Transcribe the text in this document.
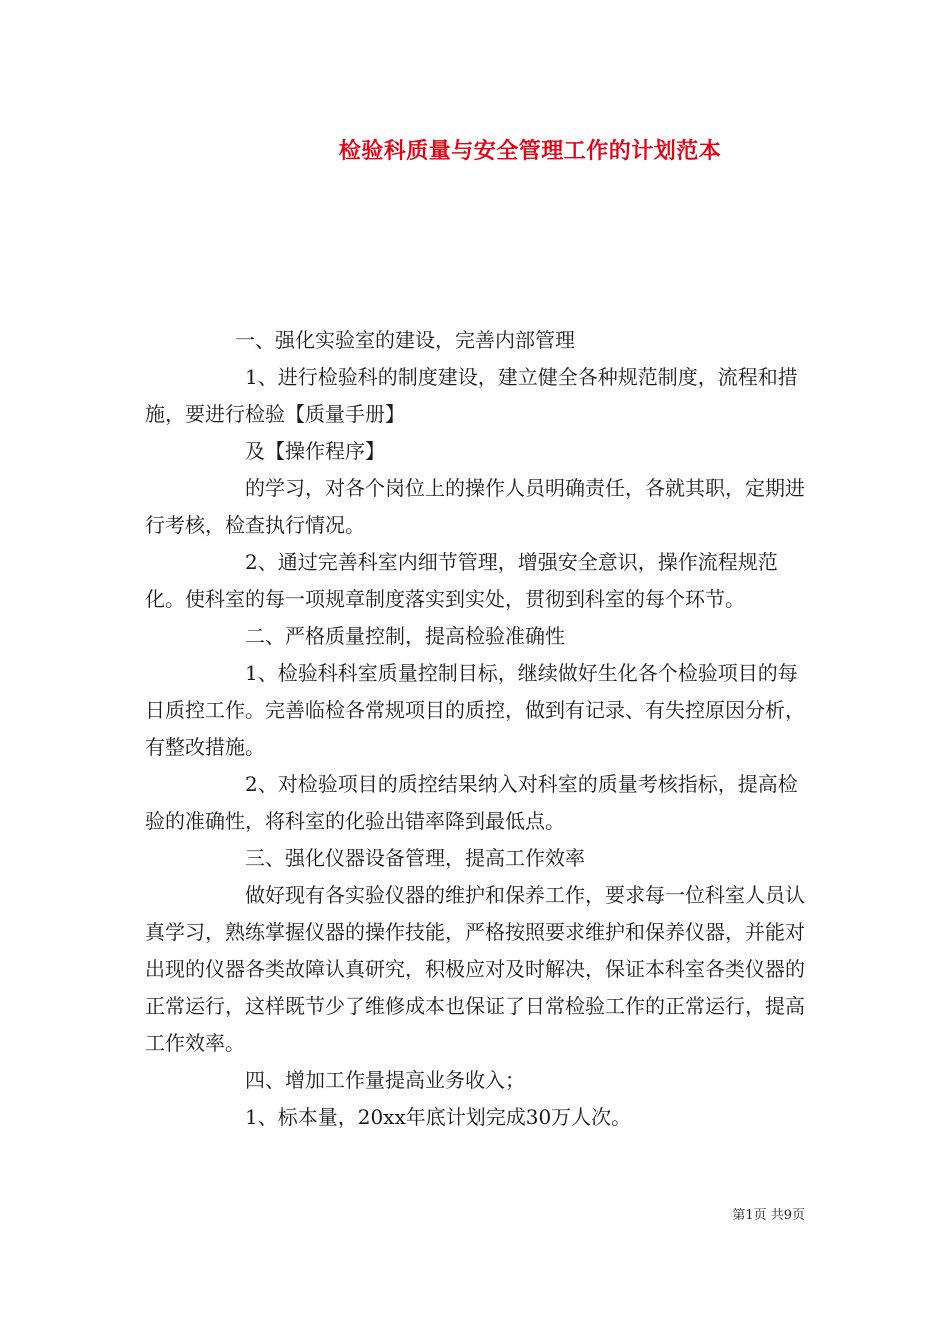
检验科质量与安全管理工作的计划范本

一、强化实验室的建设，完善内部管理

1、进行检验科的制度建设，建立健全各种规范制度，流程和措施，要进行检验【质量手册】

及【操作程序】

的学习，对各个岗位上的操作人员明确责任，各就其职，定期进行考核，检查执行情况。

2、通过完善科室内细节管理，增强安全意识，操作流程规范化。使科室的每一项规章制度落实到实处，贯彻到科室的每个环节。

二、严格质量控制，提高检验准确性

1、检验科科室质量控制目标，继续做好生化各个检验项目的每日质控工作。完善临检各常规项目的质控，做到有记录、有失控原因分析，有整改措施。

2、对检验项目的质控结果纳入对科室的质量考核指标，提高检验的准确性，将科室的化验出错率降到最低点。

三、强化仪器设备管理，提高工作效率

做好现有各实验仪器的维护和保养工作，要求每一位科室人员认真学习，熟练掌握仪器的操作技能，严格按照要求维护和保养仪器，并能对出现的仪器各类故障认真研究，积极应对及时解决，保证本科室各类仪器的正常运行，这样既节少了维修成本也保证了日常检验工作的正常运行，提高工作效率。

四、增加工作量提高业务收入；

1、标本量，20xx年底计划完成30万人次。

第1页 共9页
